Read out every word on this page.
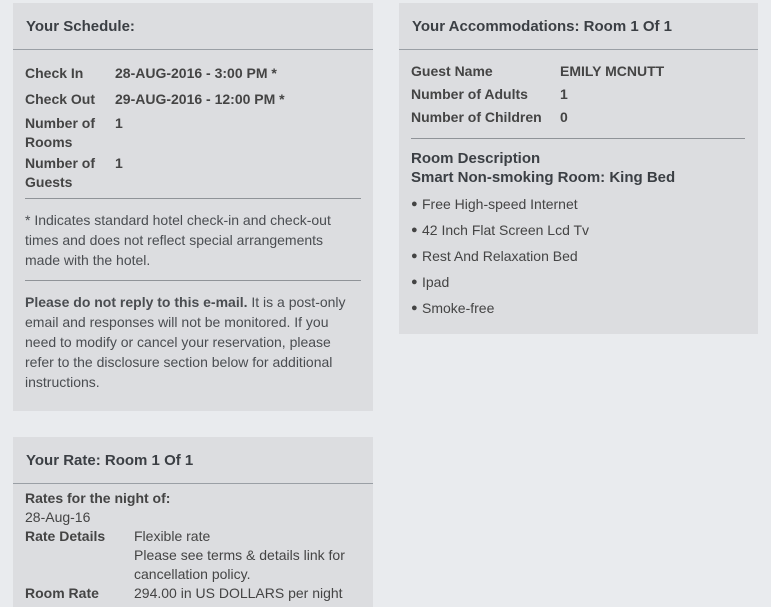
Your Schedule:
Check In	28-AUG-2016 - 3:00 PM *
Check Out	29-AUG-2016 - 12:00 PM *
Number of Rooms	1
Number of Guests	1
* Indicates standard hotel check-in and check-out times and does not reflect special arrangements made with the hotel.
Please do not reply to this e-mail. It is a post-only email and responses will not be monitored. If you need to modify or cancel your reservation, please refer to the disclosure section below for additional instructions.
Your Accommodations: Room 1 Of 1
Guest Name	EMILY MCNUTT
Number of Adults	1
Number of Children	0
Room Description
Smart Non-smoking Room: King Bed
● Free High-speed Internet
● 42 Inch Flat Screen Lcd Tv
● Rest And Relaxation Bed
● Ipad
● Smoke-free
Your Rate: Room 1 Of 1
Rates for the night of:
28-Aug-16
Rate Details	Flexible rate
Please see terms & details link for
cancellation policy.
Room Rate	294.00 in US DOLLARS per night
